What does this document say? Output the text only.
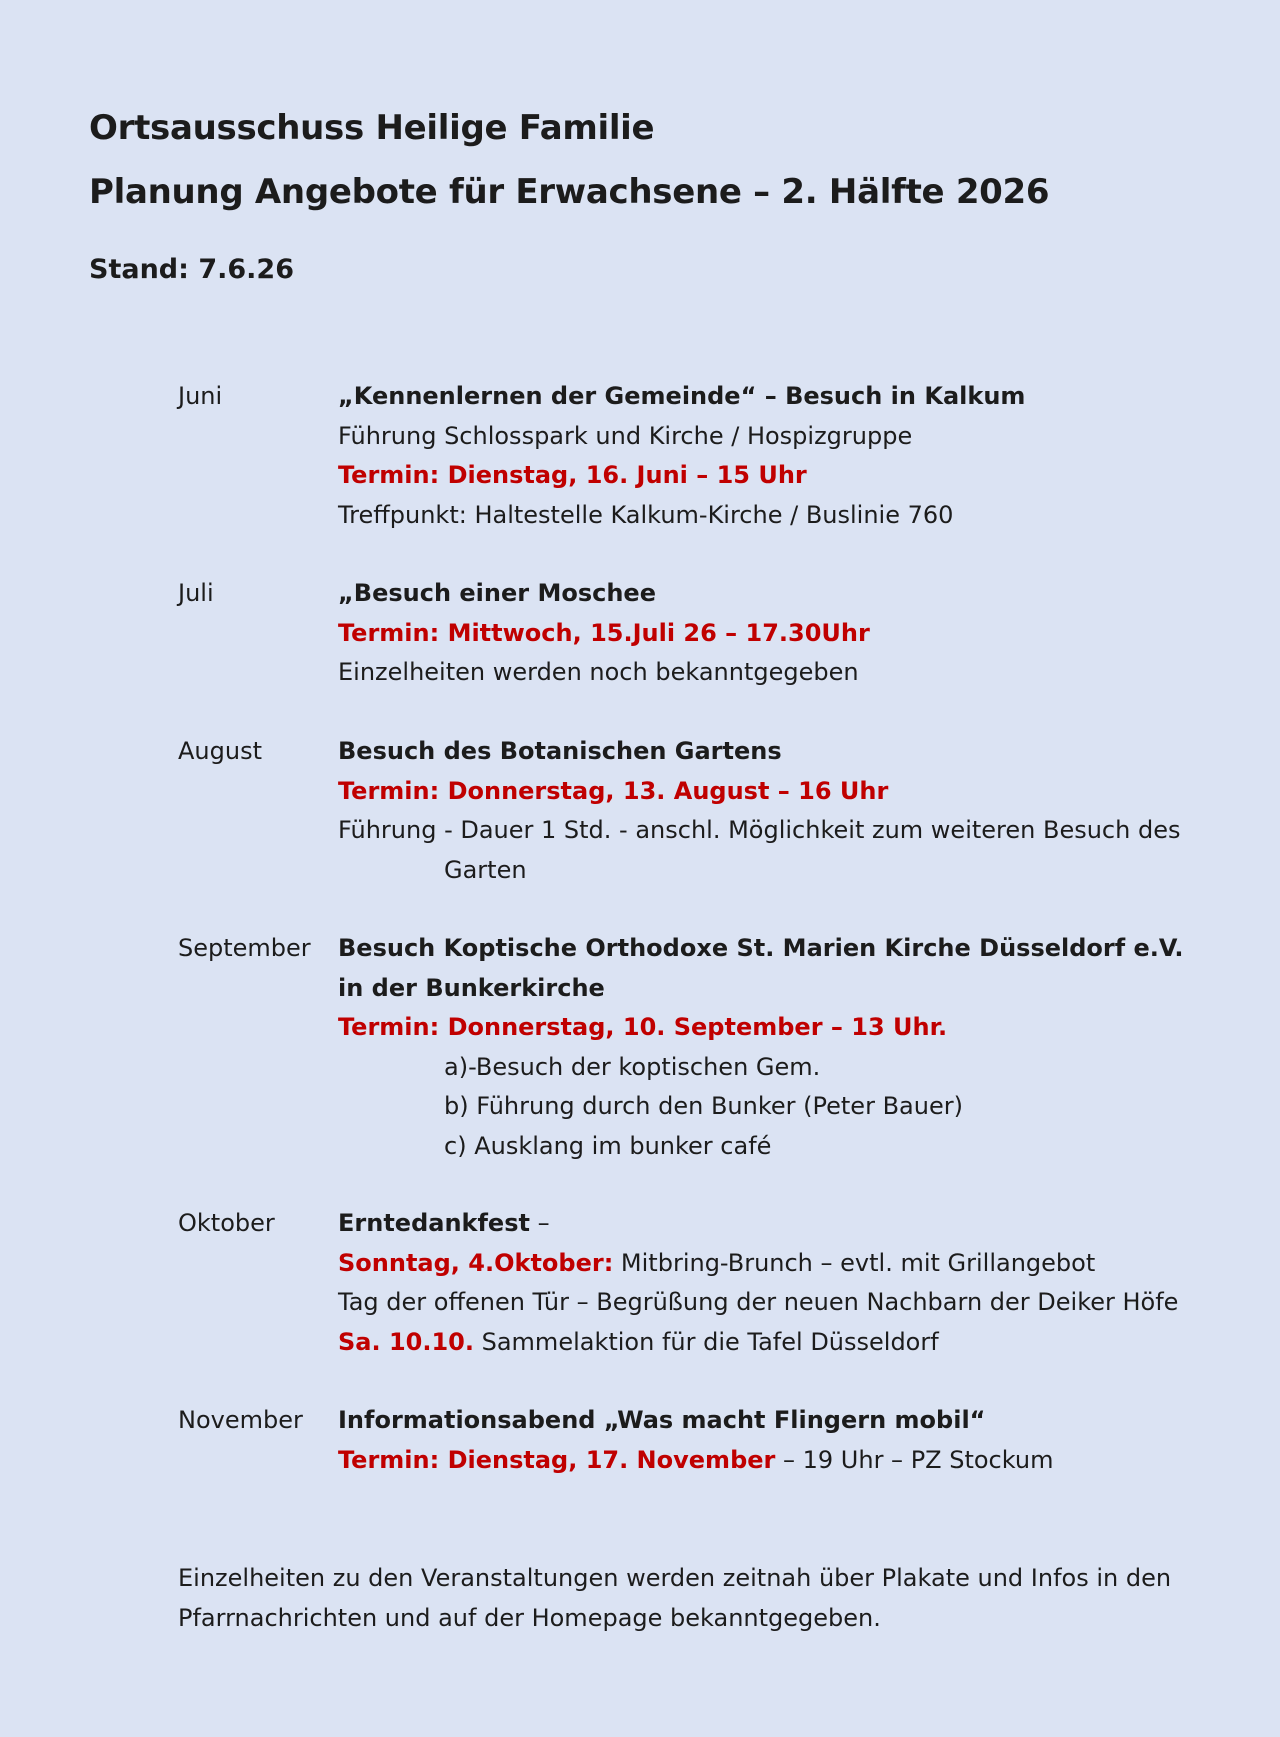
Ortsausschuss Heilige Familie
Planung Angebote für Erwachsene – 2. Hälfte 2026
Stand: 7.6.26
Juni	„Kennenlernen der Gemeinde“ – Besuch in Kalkum
Führung Schlosspark und Kirche / Hospizgruppe
Termin: Dienstag, 16. Juni – 15 Uhr
Treffpunkt: Haltestelle Kalkum-Kirche / Buslinie 760
Juli	„Besuch einer Moschee
Termin: Mittwoch, 15.Juli 26 – 17.30Uhr
Einzelheiten werden noch bekanntgegeben
August	Besuch des Botanischen Gartens
Termin: Donnerstag, 13. August – 16 Uhr
Führung - Dauer 1 Std. - anschl. Möglichkeit zum weiteren Besuch des
Garten
September Besuch Koptische Orthodoxe St. Marien Kirche Düsseldorf e.V.
in der Bunkerkirche
Termin: Donnerstag, 10. September – 13 Uhr.
a)-Besuch der koptischen Gem.
b) Führung durch den Bunker (Peter Bauer)
c) Ausklang im bunker café
Oktober	Erntedankfest –
Sonntag, 4.Oktober: Mitbring-Brunch – evtl. mit Grillangebot
Tag der offenen Tür – Begrüßung der neuen Nachbarn der Deiker Höfe
Sa. 10.10. Sammelaktion für die Tafel Düsseldorf
November Informationsabend „Was macht Flingern mobil“
Termin: Dienstag, 17. November – 19 Uhr – PZ Stockum
Einzelheiten zu den Veranstaltungen werden zeitnah über Plakate und Infos in den
Pfarrnachrichten und auf der Homepage bekanntgegeben.
